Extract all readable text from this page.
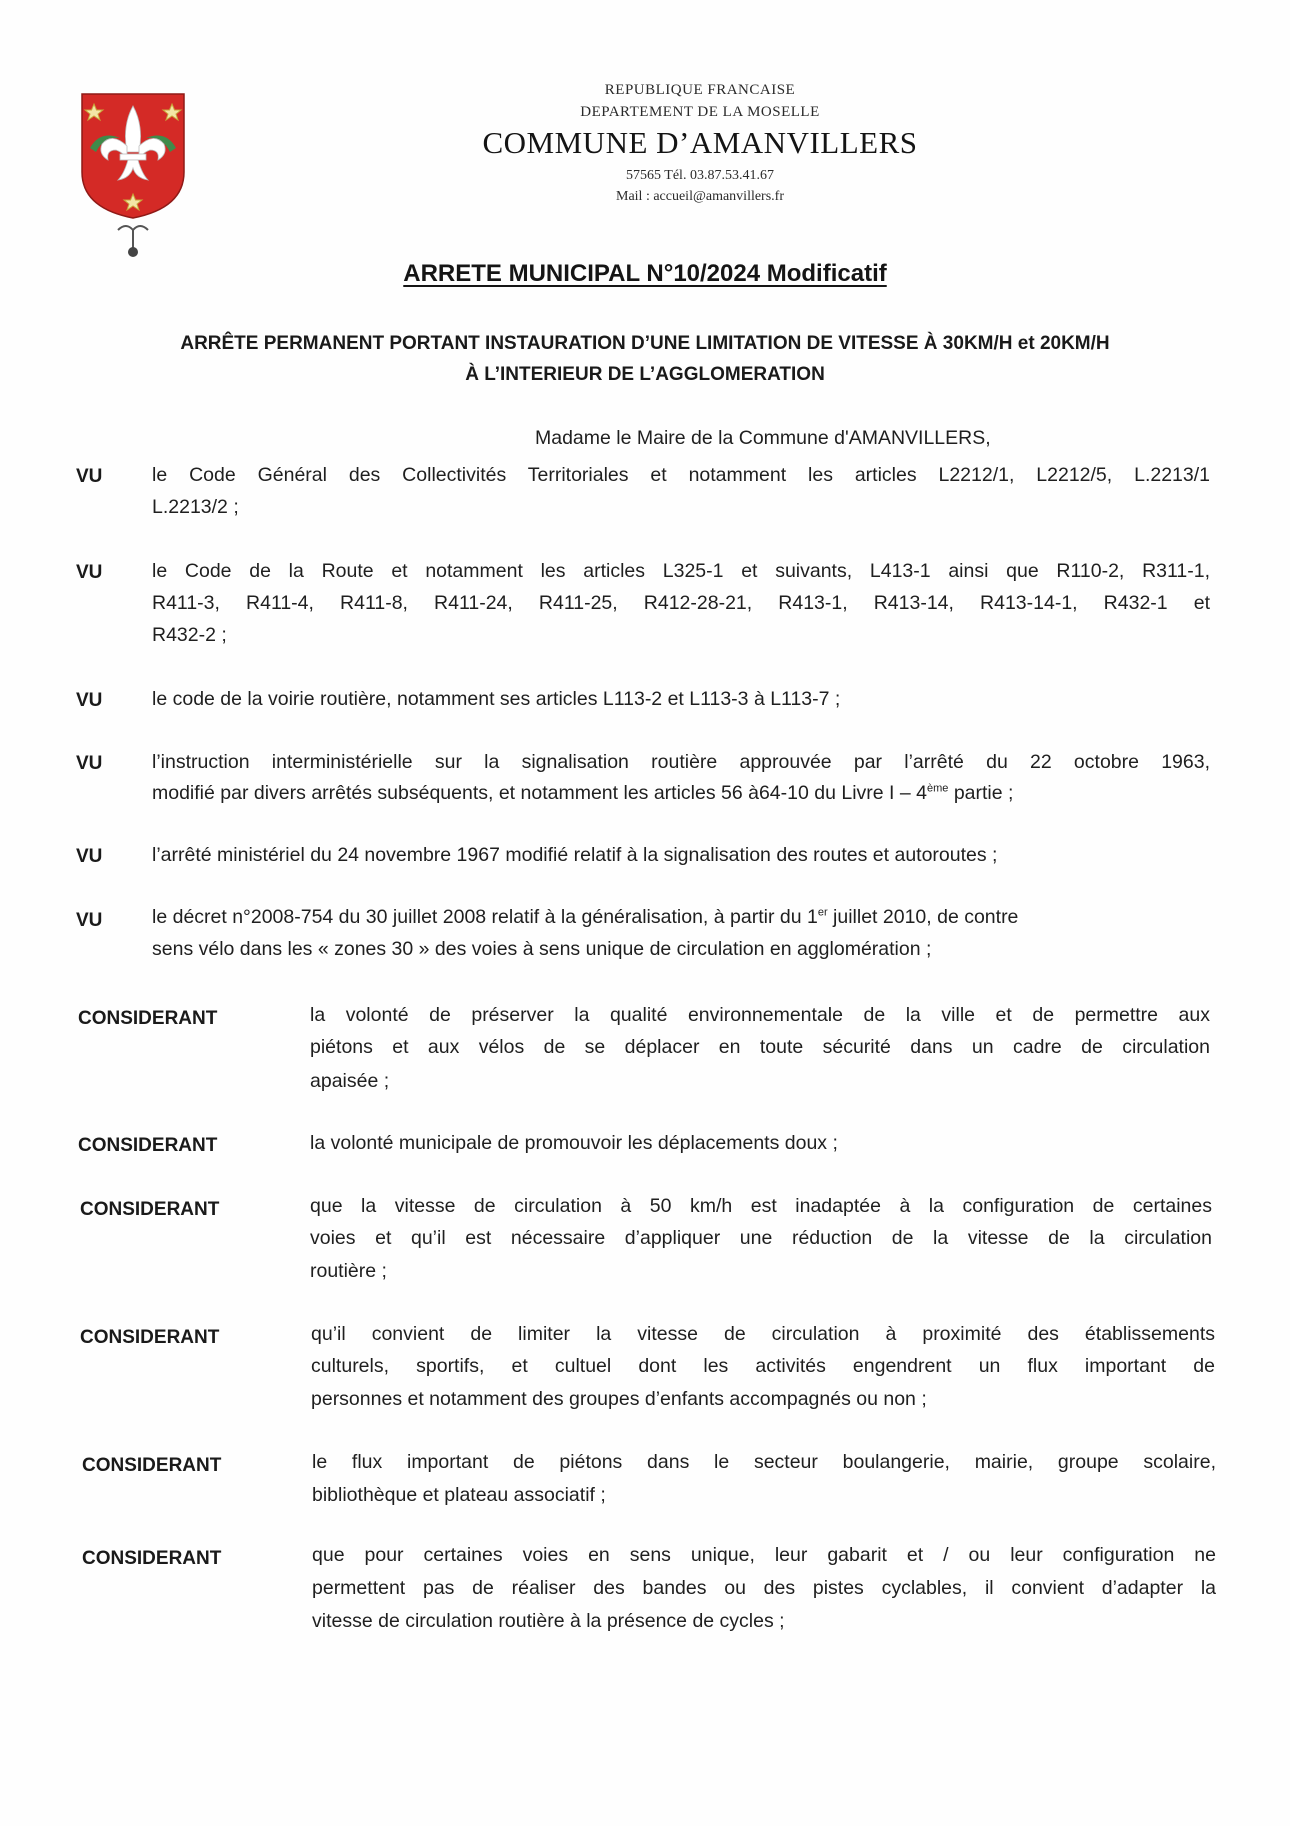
REPUBLIQUE FRANCAISE
DEPARTEMENT DE LA MOSELLE
COMMUNE D’AMANVILLERS
57565 Tél. 03.87.53.41.67
Mail : accueil@amanvillers.fr
ARRETE MUNICIPAL N°10/2024 Modificatif
ARRÊTE PERMANENT PORTANT INSTAURATION D’UNE LIMITATION DE VITESSE À 30KM/H et 20KM/H
À L’INTERIEUR DE L’AGGLOMERATION
Madame le Maire de la Commune d'AMANVILLERS,
VU	le Code Général des Collectivités Territoriales et notamment les articles L2212/1, L2212/5, L.2213/1
L.2213/2 ;
VU	le Code de la Route et notamment les articles L325-1 et suivants, L413-1 ainsi que R110-2, R311-1,
R411-3, R411-4, R411-8, R411-24, R411-25, R412-28-21, R413-1, R413-14, R413-14-1, R432-1 et
R432-2 ;
VU	le code de la voirie routière, notamment ses articles L113-2 et L113-3 à L113-7 ;
VU	l’instruction interministérielle sur la signalisation routière approuvée par l’arrêté du 22 octobre 1963,
modifié par divers arrêtés subséquents, et notamment les articles 56 à64-10 du Livre I – 4ème partie ;
VU	l’arrêté ministériel du 24 novembre 1967 modifié relatif à la signalisation des routes et autoroutes ;
VU	le décret n°2008-754 du 30 juillet 2008 relatif à la généralisation, à partir du 1er juillet 2010, de contre
sens vélo dans les « zones 30 » des voies à sens unique de circulation en agglomération ;
CONSIDERANT	la volonté de préserver la qualité environnementale de la ville et de permettre aux
piétons et aux vélos de se déplacer en toute sécurité dans un cadre de circulation
apaisée ;
CONSIDERANT	la volonté municipale de promouvoir les déplacements doux ;
CONSIDERANT	que la vitesse de circulation à 50 km/h est inadaptée à la configuration de certaines
voies et qu’il est nécessaire d’appliquer une réduction de la vitesse de la circulation
routière ;
CONSIDERANT	qu’il convient de limiter la vitesse de circulation à proximité des établissements
culturels, sportifs, et cultuel dont les activités engendrent un flux important de
personnes et notamment des groupes d’enfants accompagnés ou non ;
CONSIDERANT	le flux important de piétons dans le secteur boulangerie, mairie, groupe scolaire,
bibliothèque et plateau associatif ;
CONSIDERANT	que pour certaines voies en sens unique, leur gabarit et / ou leur configuration ne
permettent pas de réaliser des bandes ou des pistes cyclables, il convient d’adapter la
vitesse de circulation routière à la présence de cycles ;
